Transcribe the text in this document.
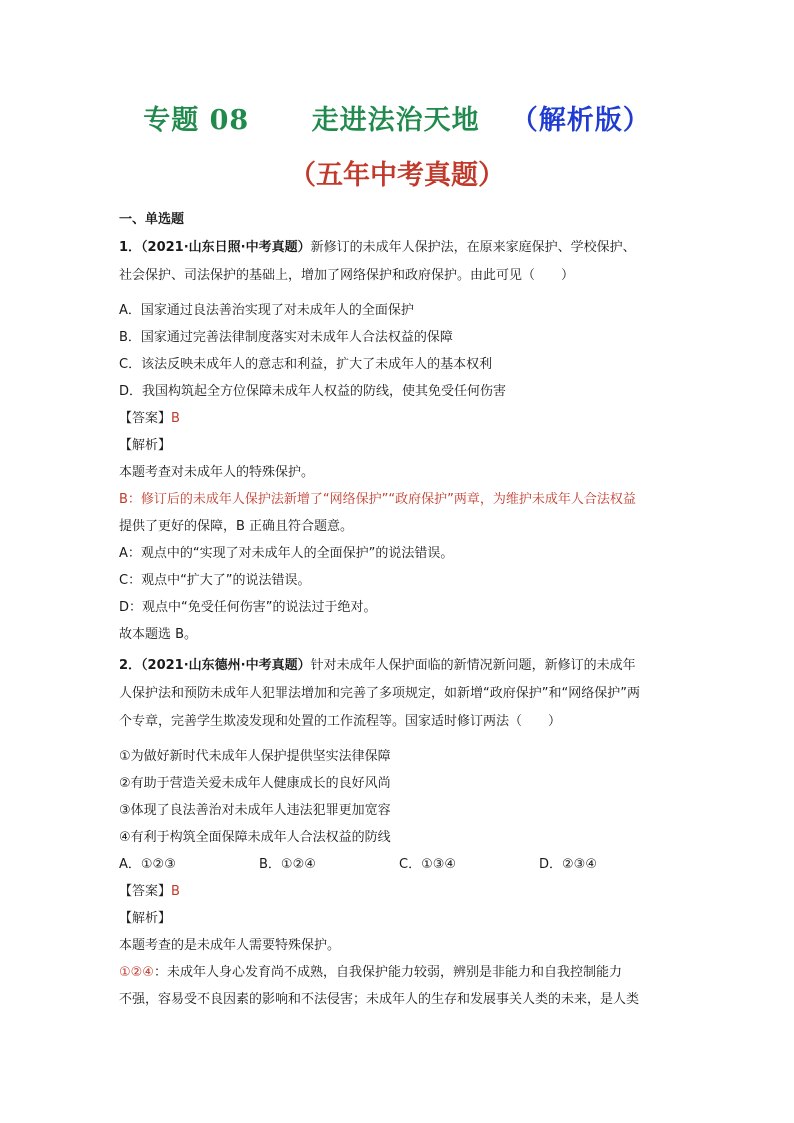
专题 08 走进法治天地 （解析版）
（五年中考真题）
一、单选题
1．（2021·山东日照·中考真题）新修订的未成年人保护法，在原来家庭保护、学校保护、
社会保护、司法保护的基础上，增加了网络保护和政府保护。由此可见（　　）
A．国家通过良法善治实现了对未成年人的全面保护
B．国家通过完善法律制度落实对未成年人合法权益的保障
C．该法反映未成年人的意志和利益，扩大了未成年人的基本权利
D．我国构筑起全方位保障未成年人权益的防线，使其免受任何伤害
【答案】B
【解析】
本题考查对未成年人的特殊保护。
B：修订后的未成年人保护法新增了“网络保护”“政府保护”两章，为维护未成年人合法权益
提供了更好的保障，B 正确且符合题意。
A：观点中的“实现了对未成年人的全面保护”的说法错误。
C：观点中“扩大了”的说法错误。
D：观点中“免受任何伤害”的说法过于绝对。
故本题选 B。
2．（2021·山东德州·中考真题）针对未成年人保护面临的新情况新问题，新修订的未成年
人保护法和预防未成年人犯罪法增加和完善了多项规定，如新增“政府保护”和“网络保护”两
个专章，完善学生欺凌发现和处置的工作流程等。国家适时修订两法（　　）
①为做好新时代未成年人保护提供坚实法律保障
②有助于营造关爱未成年人健康成长的良好风尚
③体现了良法善治对未成年人违法犯罪更加宽容
④有利于构筑全面保障未成年人合法权益的防线
A．①②③	B．①②④	C．①③④	D．②③④
【答案】B
【解析】
本题考查的是未成年人需要特殊保护。
①②④：未成年人身心发育尚不成熟，自我保护能力较弱，辨别是非能力和自我控制能力
不强，容易受不良因素的影响和不法侵害；未成年人的生存和发展事关人类的未来，是人类
